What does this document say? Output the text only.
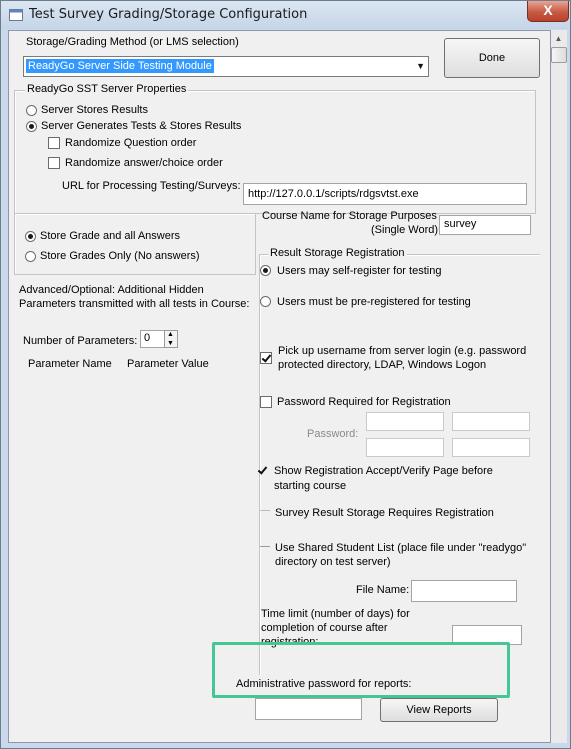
Test Survey Grading/Storage Configuration	X
▲
Storage/Grading Method (or LMS selection)
ReadyGo Server Side Testing Module	▼
Done
ReadyGo SST Server Properties
Server Stores Results
Server Generates Tests & Stores Results
Randomize Question order
Randomize answer/choice order
URL for Processing Testing/Surveys:
http://127.0.0.1/scripts/rdgsvtst.exe
Store Grade and all Answers
Store Grades Only (No answers)
Course Name for Storage Purposes
(Single Word) survey
Advanced/Optional: Additional Hidden
Parameters transmitted with all tests in Course:
Number of Parameters: 0	▲
▼
Parameter Name Parameter Value
Result Storage Registration
Users may self-register for testing
Users must be pre-registered for testing
Pick up username from server login (e.g. password
protected directory, LDAP, Windows Logon
Password Required for Registration
Password:
Show Registration Accept/Verify Page before
starting course
Survey Result Storage Requires Registration
Use Shared Student List (place file under "readygo"
directory on test server)
File Name:
Time limit (number of days) for
completion of course after
registration:
Administrative password for reports:
View Reports
